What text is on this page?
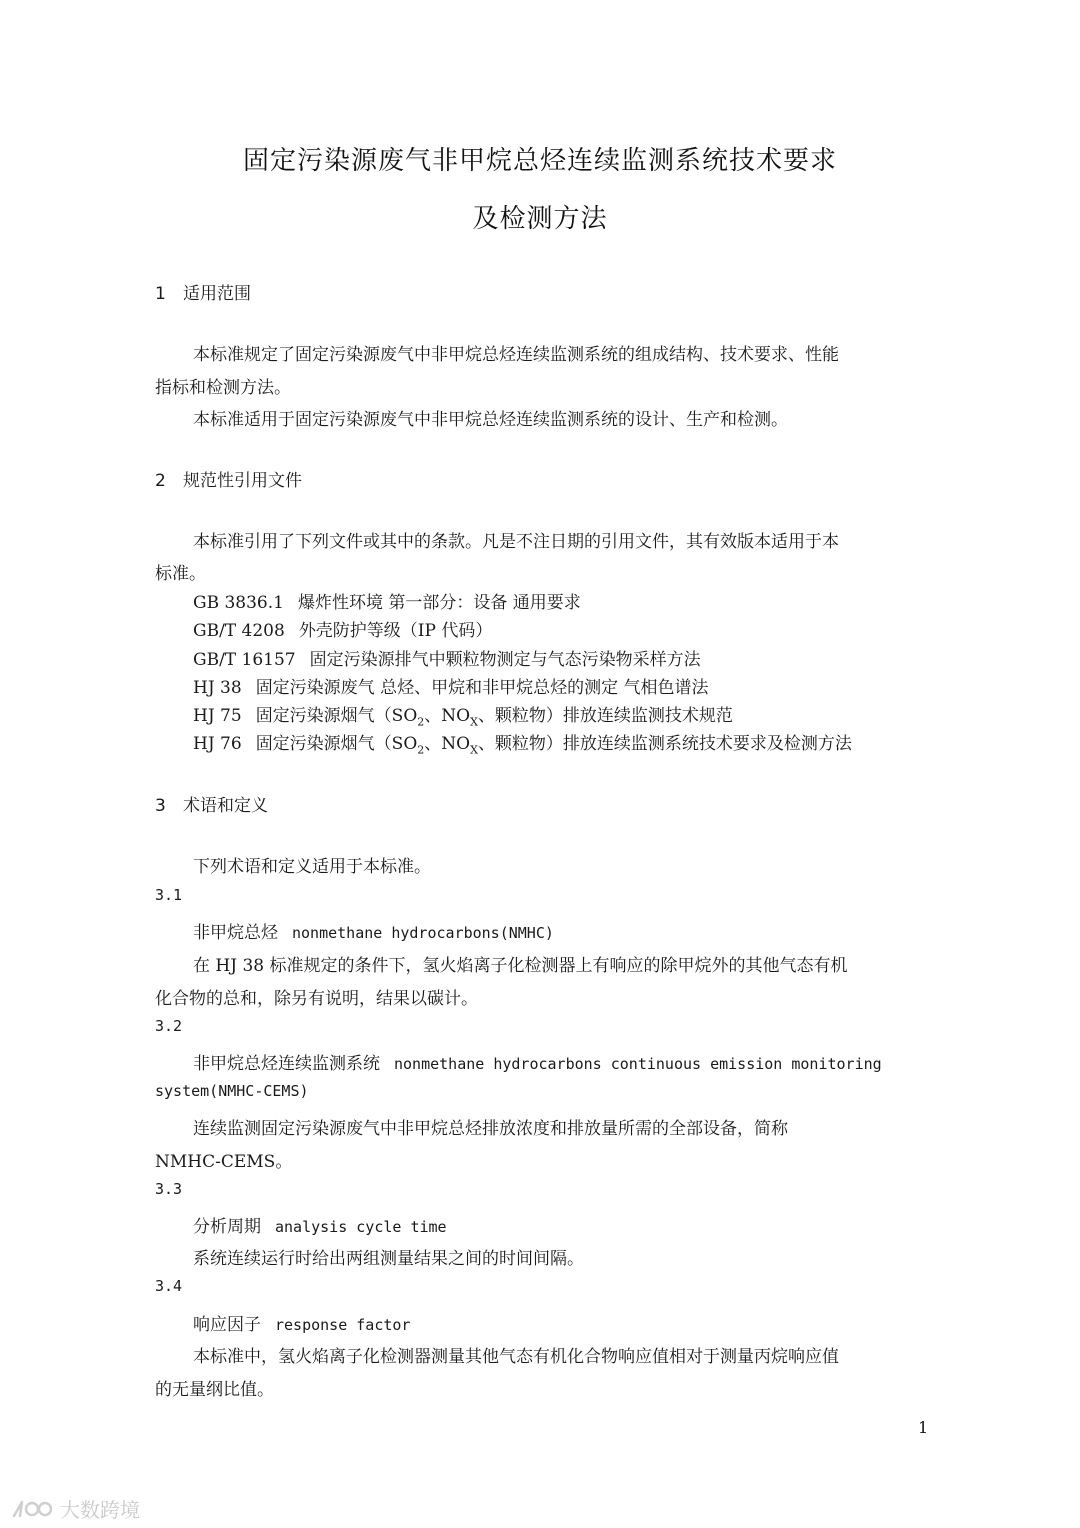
固定污染源废气非甲烷总烃连续监测系统技术要求
及检测方法
1 适用范围
本标准规定了固定污染源废气中非甲烷总烃连续监测系统的组成结构、技术要求、性能
指标和检测方法。
本标准适用于固定污染源废气中非甲烷总烃连续监测系统的设计、生产和检测。
2 规范性引用文件
本标准引用了下列文件或其中的条款。凡是不注日期的引用文件，其有效版本适用于本
标准。
GB 3836.1 爆炸性环境 第一部分：设备 通用要求
GB/T 4208 外壳防护等级（IP 代码）
GB/T 16157 固定污染源排气中颗粒物测定与气态污染物采样方法
HJ 38 固定污染源废气 总烃、甲烷和非甲烷总烃的测定 气相色谱法
HJ 75 固定污染源烟气（$SO_2$、$NO_X$、颗粒物）排放连续监测技术规范
HJ 76 固定污染源烟气（$SO_2$、$NO_X$、颗粒物）排放连续监测系统技术要求及检测方法
3 术语和定义
下列术语和定义适用于本标准。
3.1
非甲烷总烃 nonmethane hydrocarbons(NMHC)
在 HJ 38 标准规定的条件下，氢火焰离子化检测器上有响应的除甲烷外的其他气态有机
化合物的总和，除另有说明，结果以碳计。
3.2
非甲烷总烃连续监测系统 nonmethane hydrocarbons continuous emission monitoring
system(NMHC-CEMS)
连续监测固定污染源废气中非甲烷总烃排放浓度和排放量所需的全部设备，简称
NMHC-CEMS。
3.3
分析周期 analysis cycle time
系统连续运行时给出两组测量结果之间的时间间隔。
3.4
响应因子 response factor
本标准中，氢火焰离子化检测器测量其他气态有机化合物响应值相对于测量丙烷响应值
的无量纲比值。
1
大数跨境
